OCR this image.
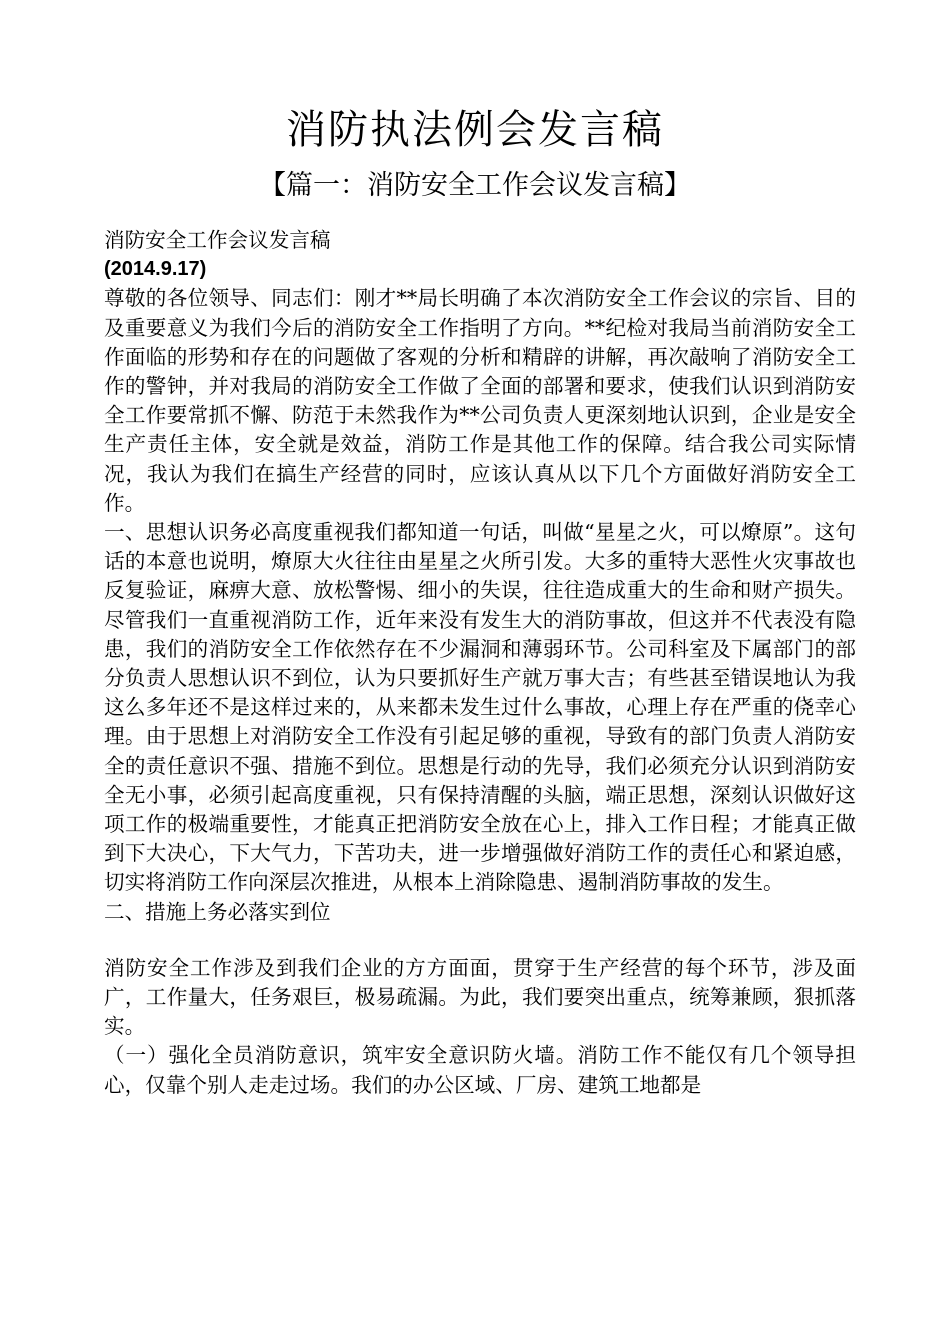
消防执法例会发言稿
【篇一：消防安全工作会议发言稿】

消防安全工作会议发言稿

(2014.9.17)

尊敬的各位领导、同志们：刚才**局长明确了本次消防安全工作会议的宗旨、目的及重要意义为我们今后的消防安全工作指明了方向。**纪检对我局当前消防安全工作面临的形势和存在的问题做了客观的分析和精辟的讲解，再次敲响了消防安全工作的警钟，并对我局的消防安全工作做了全面的部署和要求，使我们认识到消防安全工作要常抓不懈、防范于未然我作为**公司负责人更深刻地认识到，企业是安全生产责任主体，安全就是效益，消防工作是其他工作的保障。结合我公司实际情况，我认为我们在搞生产经营的同时，应该认真从以下几个方面做好消防安全工作。

一、思想认识务必高度重视我们都知道一句话，叫做“星星之火，可以燎原”。这句话的本意也说明，燎原大火往往由星星之火所引发。大多的重特大恶性火灾事故也反复验证，麻痹大意、放松警惕、细小的失误，往往造成重大的生命和财产损失。尽管我们一直重视消防工作，近年来没有发生大的消防事故，但这并不代表没有隐患，我们的消防安全工作依然存在不少漏洞和薄弱环节。公司科室及下属部门的部分负责人思想认识不到位，认为只要抓好生产就万事大吉；有些甚至错误地认为我这么多年还不是这样过来的，从来都未发生过什么事故，心理上存在严重的侥幸心理。由于思想上对消防安全工作没有引起足够的重视，导致有的部门负责人消防安全的责任意识不强、措施不到位。思想是行动的先导，我们必须充分认识到消防安全无小事，必须引起高度重视，只有保持清醒的头脑，端正思想，深刻认识做好这项工作的极端重要性，才能真正把消防安全放在心上，排入工作日程；才能真正做到下大决心，下大气力，下苦功夫，进一步增强做好消防工作的责任心和紧迫感，切实将消防工作向深层次推进，从根本上消除隐患、遏制消防事故的发生。

二、措施上务必落实到位

消防安全工作涉及到我们企业的方方面面，贯穿于生产经营的每个环节，涉及面广，工作量大，任务艰巨，极易疏漏。为此，我们要突出重点，统筹兼顾，狠抓落实。

（一）强化全员消防意识，筑牢安全意识防火墙。消防工作不能仅有几个领导担心，仅靠个别人走走过场。我们的办公区域、厂房、建筑工地都是
